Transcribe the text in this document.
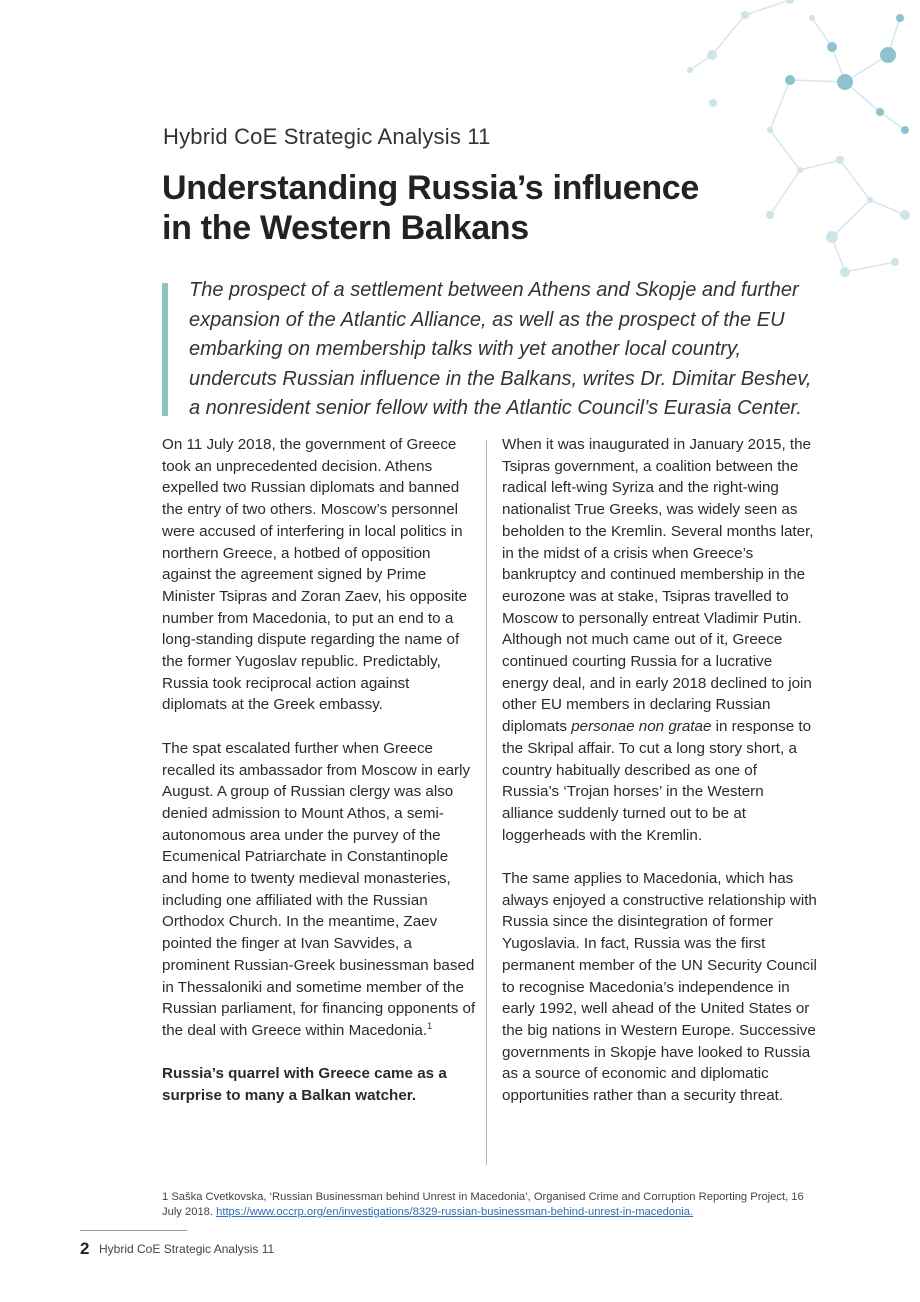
Hybrid CoE Strategic Analysis 11
Understanding Russia’s influence
in the Western Balkans
The prospect of a settlement between Athens and Skopje and further
expansion of the Atlantic Alliance, as well as the prospect of the EU
embarking on membership talks with yet another local country,
undercuts Russian influence in the Balkans, writes Dr. Dimitar Beshev,
a nonresident senior fellow with the Atlantic Council’s Eurasia Center.

On 11 July 2018, the government of Greece took an unprecedented decision. Athens expelled two Russian diplomats and banned the entry of two others. Moscow’s personnel were accused of interfering in local politics in northern Greece, a hotbed of opposition against the agreement signed by Prime Minister Tsipras and Zoran Zaev, his opposite number from Macedonia, to put an end to a long-standing dispute regarding the name of the former Yugoslav republic. Predictably, Russia took reciprocal action against diplomats at the Greek embassy.

The spat escalated further when Greece recalled its ambassador from Moscow in early August. A group of Russian clergy was also denied admission to Mount Athos, a semi-autonomous area under the purvey of the Ecumenical Patriarchate in Constantinople and home to twenty medieval monasteries, including one affiliated with the Russian Orthodox Church. In the meantime, Zaev pointed the finger at Ivan Savvides, a prominent Russian-Greek businessman based in Thessaloniki and sometime member of the Russian parliament, for financing opponents of the deal with Greece within Macedonia.$^1$

Russia’s quarrel with Greece came as a surprise to many a Balkan watcher.

When it was inaugurated in January 2015, the Tsipras government, a coalition between the radical left-wing Syriza and the right-wing nationalist True Greeks, was widely seen as beholden to the Kremlin. Several months later, in the midst of a crisis when Greece’s bankruptcy and continued membership in the eurozone was at stake, Tsipras travelled to Moscow to personally entreat Vladimir Putin. Although not much came out of it, Greece continued courting Russia for a lucrative energy deal, and in early 2018 declined to join other EU members in declaring Russian diplomats personae non gratae in response to the Skripal affair. To cut a long story short, a country habitually described as one of Russia’s ‘Trojan horses’ in the Western alliance suddenly turned out to be at loggerheads with the Kremlin.

The same applies to Macedonia, which has always enjoyed a constructive relationship with Russia since the disintegration of former Yugoslavia. In fact, Russia was the first permanent member of the UN Security Council to recognise Macedonia’s independence in early 1992, well ahead of the United States or the big nations in Western Europe. Successive governments in Skopje have looked to Russia as a source of economic and diplomatic opportunities rather than a security threat.

1 Saška Cvetkovska, ‘Russian Businessman behind Unrest in Macedonia’, Organised Crime and Corruption Reporting Project, 16 July 2018. https://www.occrp.org/en/investigations/8329-russian-businessman-behind-unrest-in-macedonia.
2 Hybrid CoE Strategic Analysis 11
